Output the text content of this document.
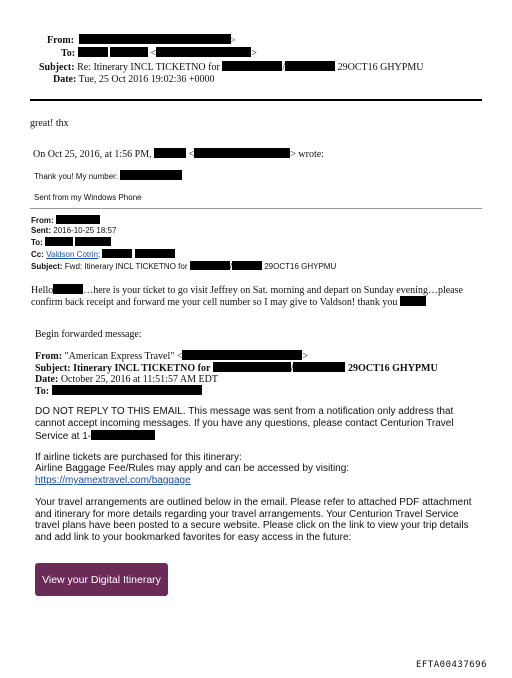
From:	>
To:	<	>
Subject: Re: Itinerary INCL TICKETNO for	/	29OCT16 GHYPMU
Date: Tue, 25 Oct 2016 19:02:36 +0000
great! thx
On Oct 25, 2016, at 1:56 PM,	<	> wrote:
Thank you! My number:
Sent from my Windows Phone
From:
Sent: 2016-10-25 18:57
To:
Cc: Valdson Cotrin;
Subject: Fwd: Itinerary INCL TICKETNO for	/	29OCT16 GHYPMU
Hello	…here is your ticket to go visit Jeffrey on Sat. morning and depart on Sunday evening…please
confirm back receipt and forward me your cell number so I may give to Valdson! thank you
Begin forwarded message:
From: "American Express Travel" <	>
Subject: Itinerary INCL TICKETNO for	/	29OCT16 GHYPMU
Date: October 25, 2016 at 11:51:57 AM EDT
To:
DO NOT REPLY TO THIS EMAIL. This message was sent from a notification only address that
cannot accept incoming messages. If you have any questions, please contact Centurion Travel
Service at 1-
If airline tickets are purchased for this itinerary:
Airline Baggage Fee/Rules may apply and can be accessed by visiting:
https://myamextravel.com/baggage
Your travel arrangements are outlined below in the email. Please refer to attached PDF attachment
and itinerary for more details regarding your travel arrangements. Your Centurion Travel Service
travel plans have been posted to a secure website. Please click on the link to view your trip details
and add link to your bookmarked favorites for easy access in the future:
View your Digital Itinerary
EFTA00437696
